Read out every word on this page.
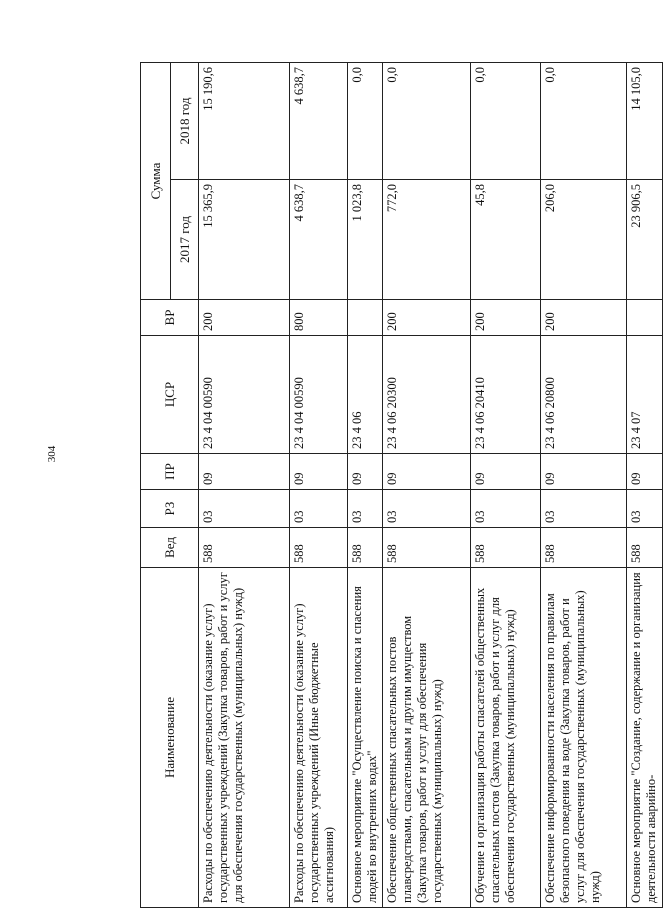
304
Наименование	Вед	РЗ	ПР	ЦСР	ВР	Сумма	
						2017 год	2018 год
Расходы по обеспечению деятельности (оказание услуг) государственных учреждений (Закупка товаров, работ и услуг для обеспечения государственных (муниципальных) нужд)	588	03	09	23 4 04 00590	200	15 365,9	15 190,6
Расходы по обеспечению деятельности (оказание услуг) государственных учреждений (Иные бюджетные ассигнования)	588	03	09	23 4 04 00590	800	4 638,7	4 638,7
Основное мероприятие "Осуществление поиска и спасения людей во внутренних водах"	588	03	09	23 4 06		1 023,8	0,0
Обеспечение общественных спасательных постов плавсредствами, спасательным и другим имуществом (Закупка товаров, работ и услуг для обеспечения государственных (муниципальных) нужд)	588	03	09	23 4 06 20300	200	772,0	0,0
Обучение и организация работы спасателей общественных спасательных постов (Закупка товаров, работ и услуг для обеспечения государственных (муниципальных) нужд)	588	03	09	23 4 06 20410	200	45,8	0,0
Обеспечение информированности населения по правилам безопасного поведения на воде (Закупка товаров, работ и услуг для обеспечения государственных (муниципальных) нужд)	588	03	09	23 4 06 20800	200	206,0	0,0
Основное мероприятие "Создание, содержание и организация деятельности аварийно-	588	03	09	23 4 07		23 906,5	14 105,0
